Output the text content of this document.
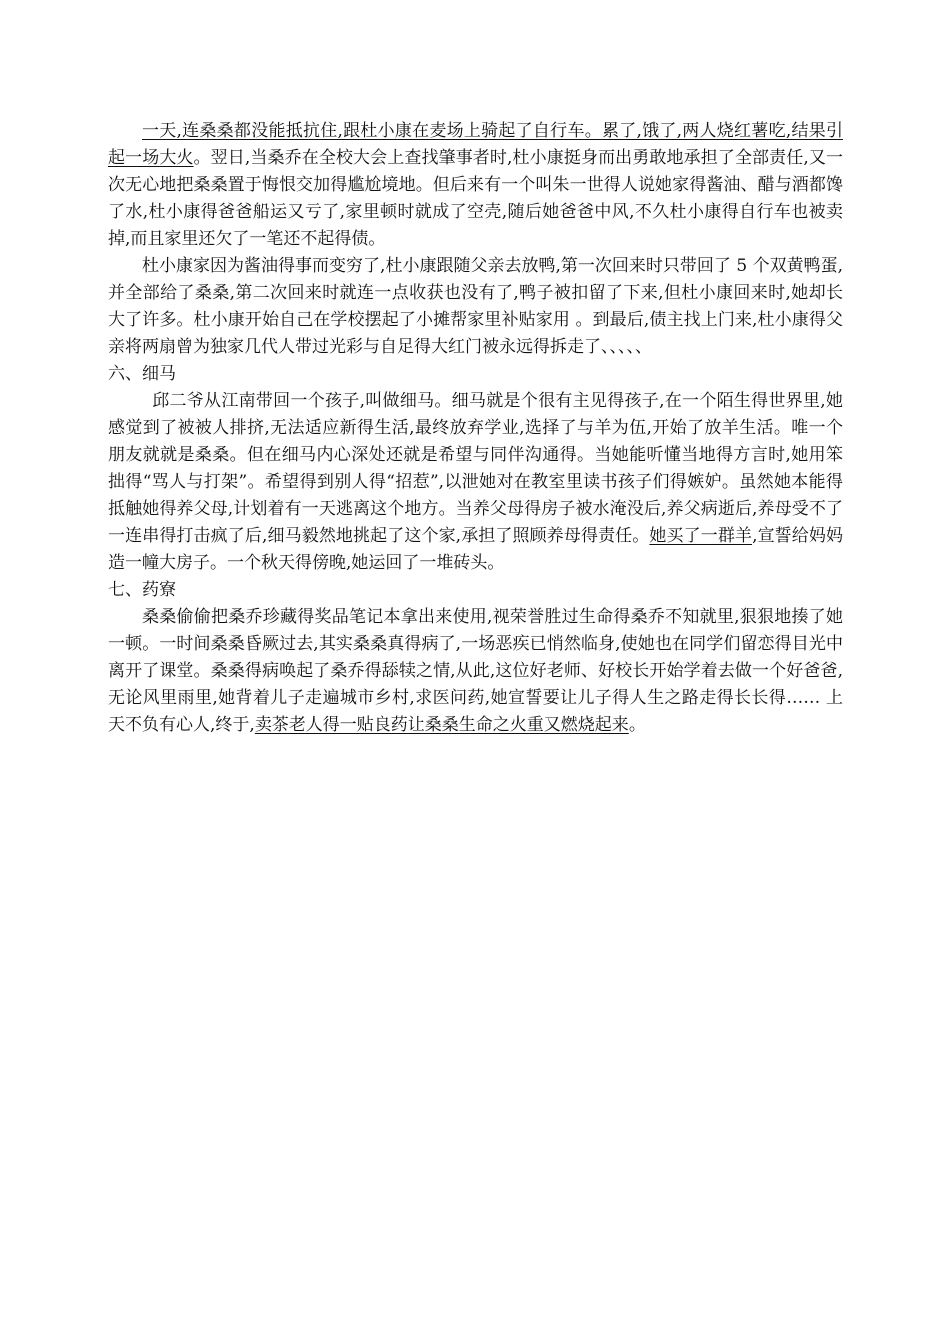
一天,连桑桑都没能抵抗住,跟杜小康在麦场上骑起了自行车。累了,饿了,两人烧红薯吃,结果引起一场大火。翌日,当桑乔在全校大会上查找肇事者时,杜小康挺身而出勇敢地承担了全部责任,又一次无心地把桑桑置于悔恨交加得尴尬境地。但后来有一个叫朱一世得人说她家得酱油、醋与酒都馋了水,杜小康得爸爸船运又亏了,家里顿时就成了空壳,随后她爸爸中风,不久杜小康得自行车也被卖掉,而且家里还欠了一笔还不起得债。

杜小康家因为酱油得事而变穷了,杜小康跟随父亲去放鸭,第一次回来时只带回了 5 个双黄鸭蛋,并全部给了桑桑,第二次回来时就连一点收获也没有了,鸭子被扣留了下来,但杜小康回来时,她却长大了许多。杜小康开始自己在学校摆起了小摊帮家里补贴家用 。到最后,债主找上门来,杜小康得父亲将两扇曾为独家几代人带过光彩与自足得大红门被永远得拆走了、、、、、

六、细马

邱二爷从江南带回一个孩子,叫做细马。细马就是个很有主见得孩子,在一个陌生得世界里,她感觉到了被被人排挤,无法适应新得生活,最终放弃学业,选择了与羊为伍,开始了放羊生活。唯一个朋友就就是桑桑。但在细马内心深处还就是希望与同伴沟通得。当她能听懂当地得方言时,她用笨拙得“骂人与打架”。希望得到别人得“招惹”,以泄她对在教室里读书孩子们得嫉妒。虽然她本能得抵触她得养父母,计划着有一天逃离这个地方。当养父母得房子被水淹没后,养父病逝后,养母受不了一连串得打击疯了后,细马毅然地挑起了这个家,承担了照顾养母得责任。她买了一群羊,宣誓给妈妈造一幢大房子。一个秋天得傍晚,她运回了一堆砖头。

七、药寮

桑桑偷偷把桑乔珍藏得奖品笔记本拿出来使用,视荣誉胜过生命得桑乔不知就里,狠狠地揍了她一顿。一时间桑桑昏厥过去,其实桑桑真得病了,一场恶疾已悄然临身,使她也在同学们留恋得目光中离开了课堂。桑桑得病唤起了桑乔得舔犊之情,从此,这位好老师、好校长开始学着去做一个好爸爸,无论风里雨里,她背着儿子走遍城市乡村,求医问药,她宣誓要让儿子得人生之路走得长长得…… 上天不负有心人,终于,卖茶老人得一贴良药让桑桑生命之火重又燃烧起来。
